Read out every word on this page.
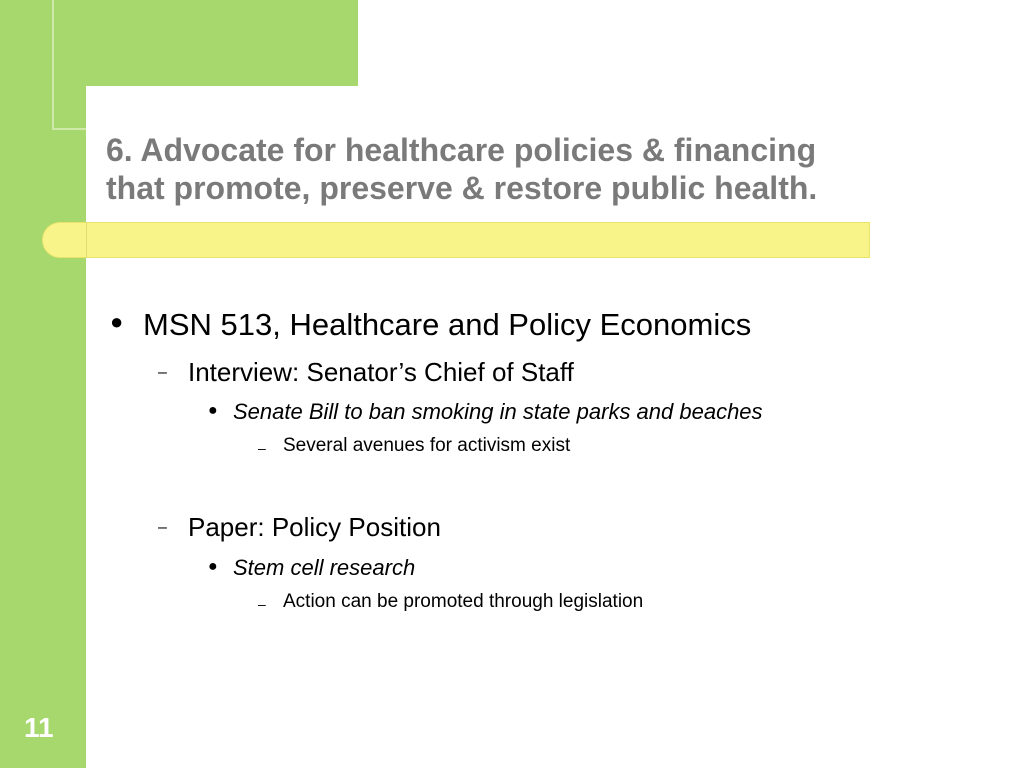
6. Advocate for healthcare policies & financing
that promote, preserve & restore public health.
● MSN 513, Healthcare and Policy Economics
– Interview: Senator’s Chief of Staff
● Senate Bill to ban smoking in state parks and beaches
– Several avenues for activism exist
– Paper: Policy Position
● Stem cell research
– Action can be promoted through legislation
11
